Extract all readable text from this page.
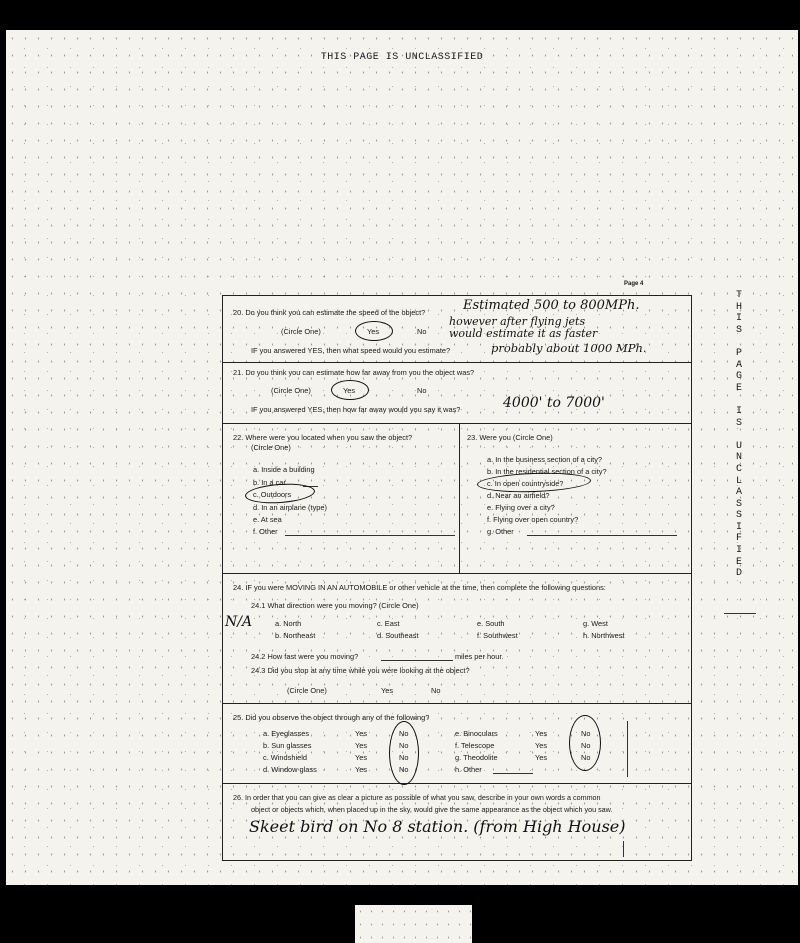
THIS PAGE IS UNCLASSIFIED
T
H
I
S

P
A
G
E

I
S

U
N
C
L
A
S
S
I
F
I
E
D
Page 4
20. Do you think you can estimate the speed of the object?
(Circle One)	Yes	No
IF you answered YES, then what speed would you estimate?
Estimated 500 to 800MPh.
however after flying jets
would estimate it as faster
probably about 1000 MPh.
21. Do you think you can estimate how far away from you the object was?
(Circle One)	Yes	No
IF you answered YES, then how far away would you say it was?	4000' to 7000'
22. Where were you located when you saw the object?
(Circle One)
a. Inside a building
b. In a car
c. Outdoors
d. In an airplane (type)
e. At sea
f. Other
23. Were you (Circle One)
a. In the business section of a city?
b. In the residential section of a city?
c. In open countryside?
d. Near an airfield?
e. Flying over a city?
f. Flying over open country?
g. Other
24. IF you were MOVING IN AN AUTOMOBILE or other vehicle at the time, then complete the following questions:
24.1 What direction were you moving? (Circle One)
N/A	a. North
b. Northeast
c. East
d. Southeast
e. South
f. Southwest
g. West
h. Northwest
24.2 How fast were you moving?	miles per hour.
24.3 Did you stop at any time while you were looking at the object?
(Circle One)	Yes	No
25. Did you observe the object through any of the following?
a. Eyeglasses	Yes	No
b. Sun glasses	Yes	No
c. Windshield	Yes	No
d. Window glass	Yes	No
e. Binoculars	Yes	No
f. Telescope	Yes	No
g. Theodolite	Yes	No
h. Other
26. In order that you can give as clear a picture as possible of what you saw, describe in your own words a common
object or objects which, when placed up in the sky, would give the same appearance as the object which you saw.
Skeet bird on No 8 station. (from High House)
